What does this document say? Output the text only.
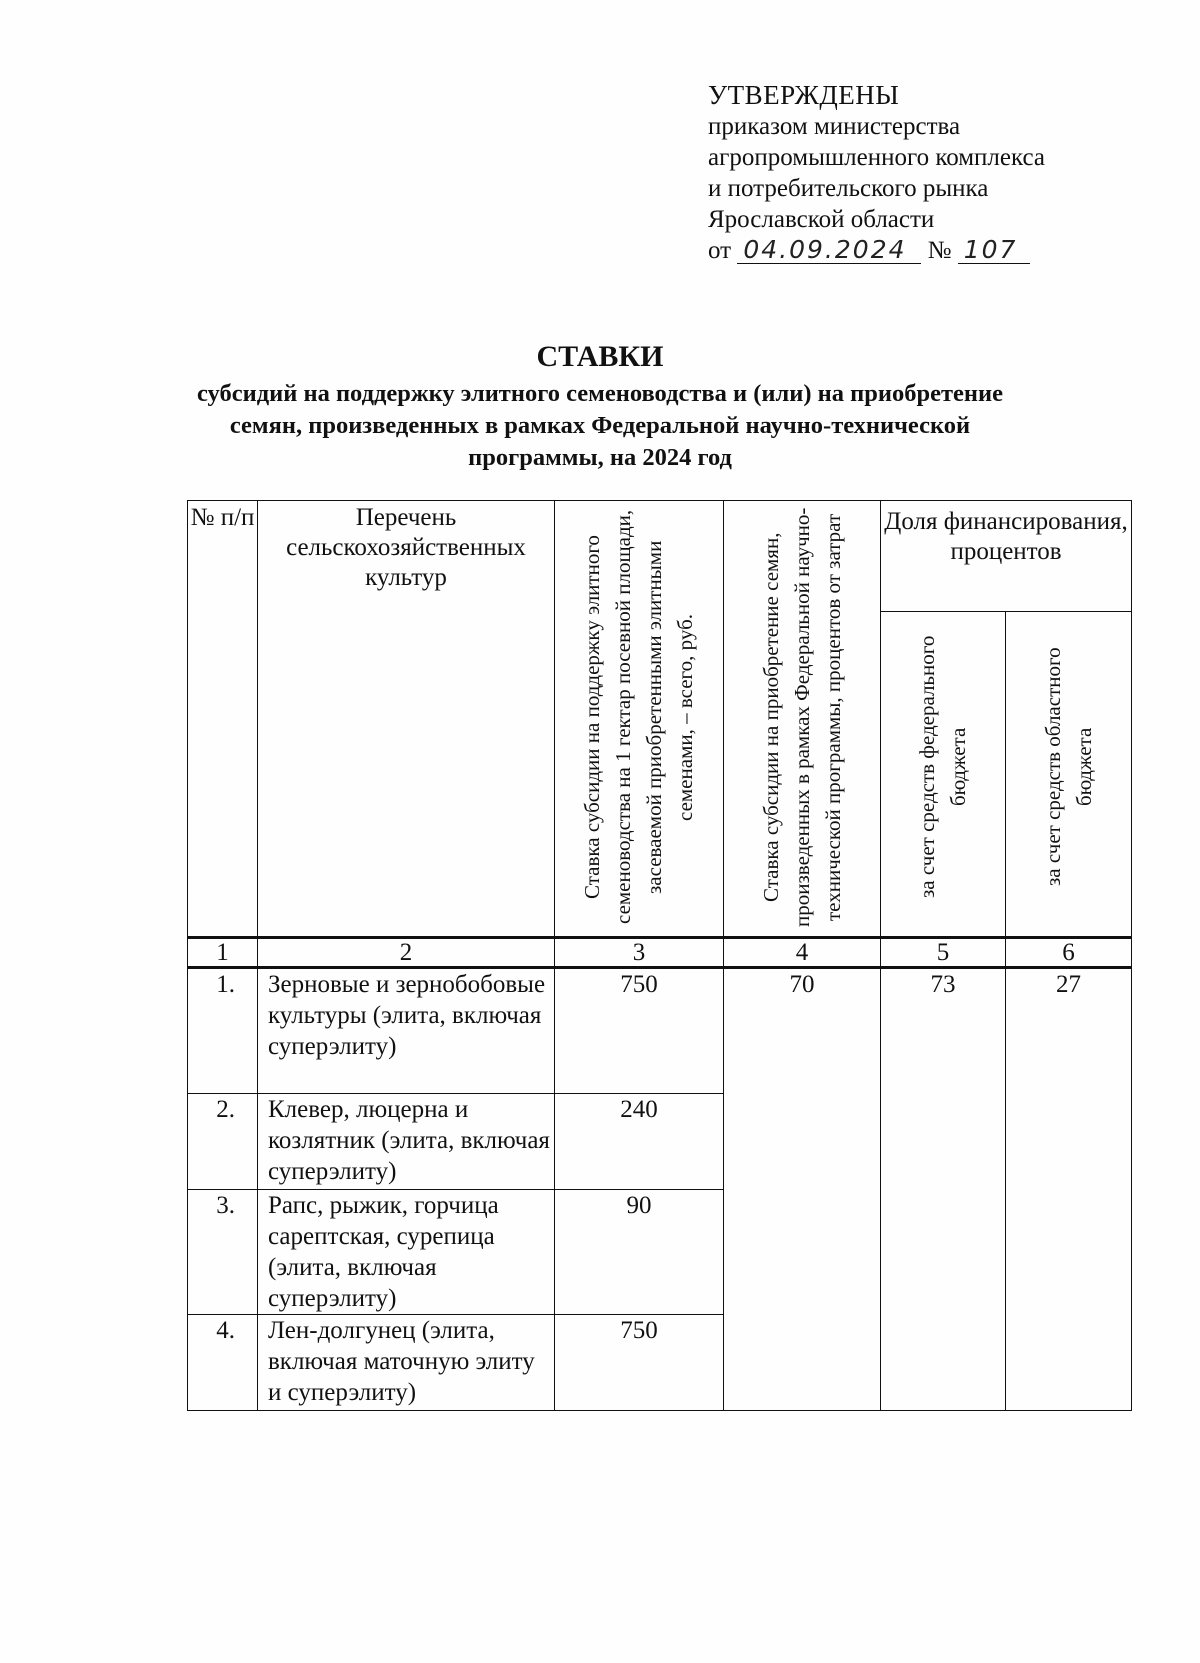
УТВЕРЖДЕНЫ
приказом министерства
агропромышленного комплекса
и потребительского рынка
Ярославской области
от 04.09.2024 № 107
СТАВКИ
субсидий на поддержку элитного семеноводства и (или) на приобретение
семян, произведенных в рамках Федеральной научно-технической
программы, на 2024 год
№ п/п	Перечень сельскохозяйственных культур	Ставка субсидии на поддержку элитного семеноводства на 1 гектар посевной площади, засеваемой приобретенными элитными семенами, – всего, руб.	Ставка субсидии на приобретение семян, произведенных в рамках Федеральной научно-технической программы, процентов от затрат	Доля финансирования, процентов	

				за счет средств федерального бюджета	за счет средств областного бюджета

1	2	3	4	5	6
1.	Зерновые и зернобобовые культуры (элита, включая суперэлиту)	750	70	73	27
2.	Клевер, люцерна и козлятник (элита, включая суперэлиту)	240			
3.	Рапс, рыжик, горчица сарептская, сурепица (элита, включая суперэлиту)	90			
4.	Лен-долгунец (элита, включая маточную элиту и суперэлиту)	750			
